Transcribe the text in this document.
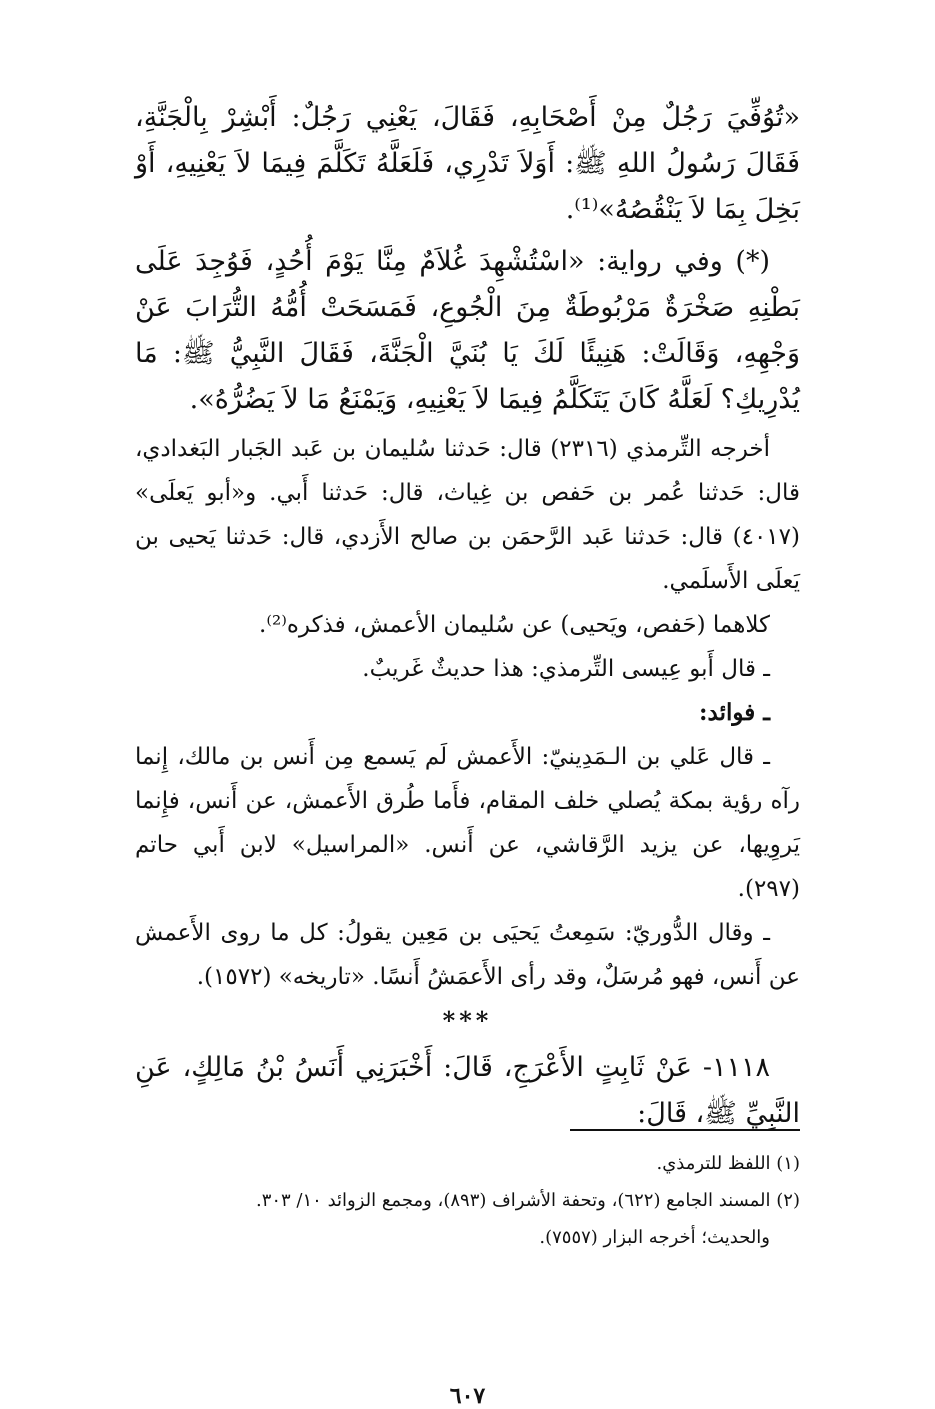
«تُوُفِّيَ رَجُلٌ مِنْ أَصْحَابِهِ، فَقَالَ، يَعْنِي رَجُلٌ: أَبْشِرْ بِالْجَنَّةِ، فَقَالَ رَسُولُ اللهِ ﷺ: أَوَلاَ تَدْرِي، فَلَعَلَّهُ تَكَلَّمَ فِيمَا لاَ يَعْنِيهِ، أَوْ بَخِلَ بِمَا لاَ يَنْقُصُهُ»⁽¹⁾.

(*) وفي رواية: «اسْتُشْهِدَ غُلاَمٌ مِنَّا يَوْمَ أُحُدٍ، فَوُجِدَ عَلَى بَطْنِهِ صَخْرَةٌ مَرْبُوطَةٌ مِنَ الْجُوعِ، فَمَسَحَتْ أُمُّهُ التُّرَابَ عَنْ وَجْهِهِ، وَقَالَتْ: هَنِيئًا لَكَ يَا بُنَيَّ الْجَنَّةَ، فَقَالَ النَّبِيُّ ﷺ: مَا يُدْرِيكِ؟ لَعَلَّهُ كَانَ يَتَكَلَّمُ فِيمَا لاَ يَعْنِيهِ، وَيَمْنَعُ مَا لاَ يَضُرُّهُ».

أخرجه التِّرمذي (٢٣١٦) قال: حَدثنا سُليمان بن عَبد الجَبار البَغدادي، قال: حَدثنا عُمر بن حَفص بن غِياث، قال: حَدثنا أَبي. و«أبو يَعلَى» (٤٠١٧) قال: حَدثنا عَبد الرَّحمَن بن صالح الأَزدي، قال: حَدثنا يَحيى بن يَعلَى الأَسلَمي.

كلاهما (حَفص، ويَحيى) عن سُليمان الأعمش، فذكره⁽²⁾.

ـ قال أَبو عِيسى التِّرمذي: هذا حديثٌ غَريبٌ.

ـ فوائد:

ـ قال عَلي بن الـمَدِينيّ: الأَعمش لَم يَسمع مِن أَنس بن مالك، إِنما رآه رؤية بمكة يُصلي خلف المقام، فأَما طُرق الأَعمش، عن أَنس، فإِنما يَروِيها، عن يزيد الرَّقاشي، عن أَنس. «المراسيل» لابن أَبي حاتم (٢٩٧).

ـ وقال الدُّوريّ: سَمِعتُ يَحيَى بن مَعِين يقولُ: كل ما روى الأَعمش عن أَنس، فهو مُرسَلٌ، وقد رأى الأَعمَشُ أَنسًا. «تاريخه» (١٥٧٢).

***

١١١٨- عَنْ ثَابِتٍ الأَعْرَجِ، قَالَ: أَخْبَرَنِي أَنَسُ بْنُ مَالِكٍ، عَنِ النَّبِيِّ ﷺ، قَالَ:

(١) اللفظ للترمذي.

(٢) المسند الجامع (٦٢٢)، وتحفة الأشراف (٨٩٣)، ومجمع الزوائد ١٠/ ٣٠٣.

والحديث؛ أخرجه البزار (٧٥٥٧).

٦٠٧
